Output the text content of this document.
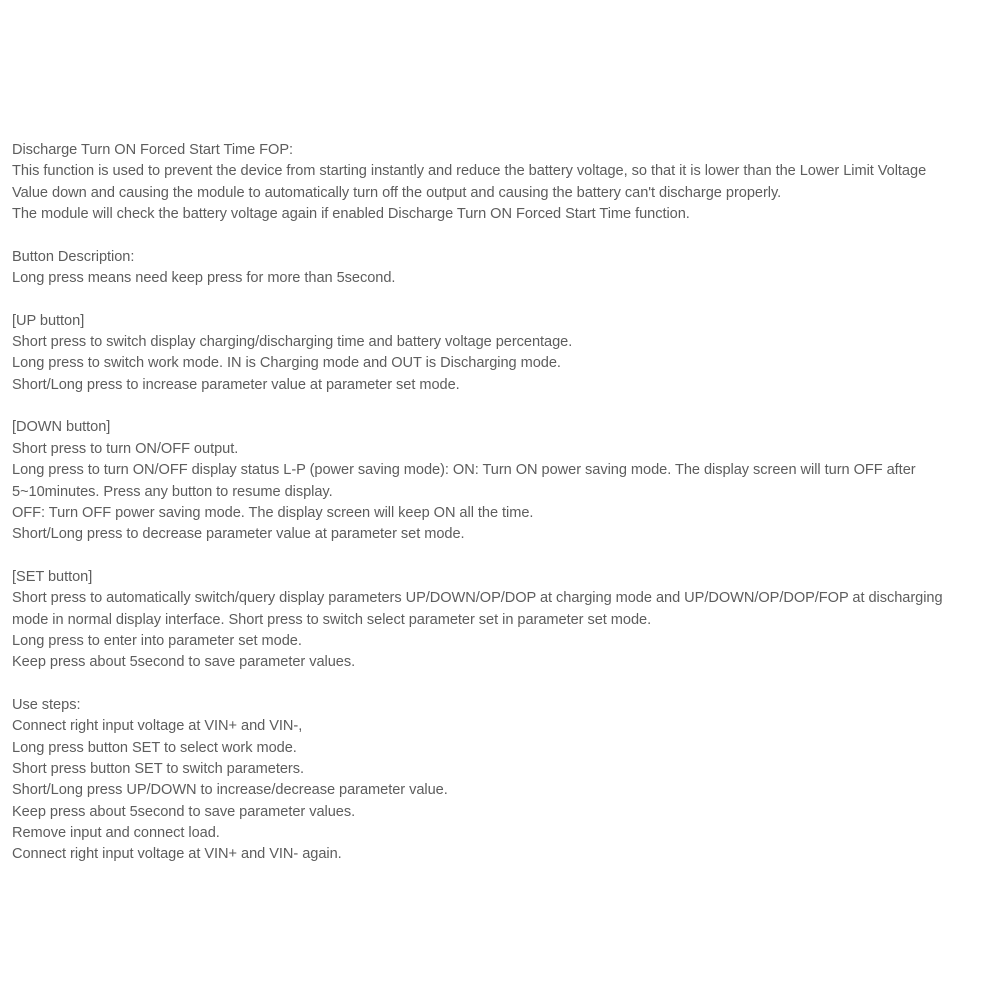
Discharge Turn ON Forced Start Time FOP:
This function is used to prevent the device from starting instantly and reduce the battery voltage, so that it is lower than the Lower Limit Voltage
Value down and causing the module to automatically turn off the output and causing the battery can't discharge properly.
The module will check the battery voltage again if enabled Discharge Turn ON Forced Start Time function.
Button Description:
Long press means need keep press for more than 5second.
[UP button]
Short press to switch display charging/discharging time and battery voltage percentage.
Long press to switch work mode. IN is Charging mode and OUT is Discharging mode.
Short/Long press to increase parameter value at parameter set mode.
[DOWN button]
Short press to turn ON/OFF output.
Long press to turn ON/OFF display status L-P (power saving mode): ON: Turn ON power saving mode. The display screen will turn OFF after
5~10minutes. Press any button to resume display.
OFF: Turn OFF power saving mode. The display screen will keep ON all the time.
Short/Long press to decrease parameter value at parameter set mode.
[SET button]
Short press to automatically switch/query display parameters UP/DOWN/OP/DOP at charging mode and UP/DOWN/OP/DOP/FOP at discharging
mode in normal display interface. Short press to switch select parameter set in parameter set mode.
Long press to enter into parameter set mode.
Keep press about 5second to save parameter values.
Use steps:
Connect right input voltage at VIN+ and VIN-,
Long press button SET to select work mode.
Short press button SET to switch parameters.
Short/Long press UP/DOWN to increase/decrease parameter value.
Keep press about 5second to save parameter values.
Remove input and connect load.
Connect right input voltage at VIN+ and VIN- again.
